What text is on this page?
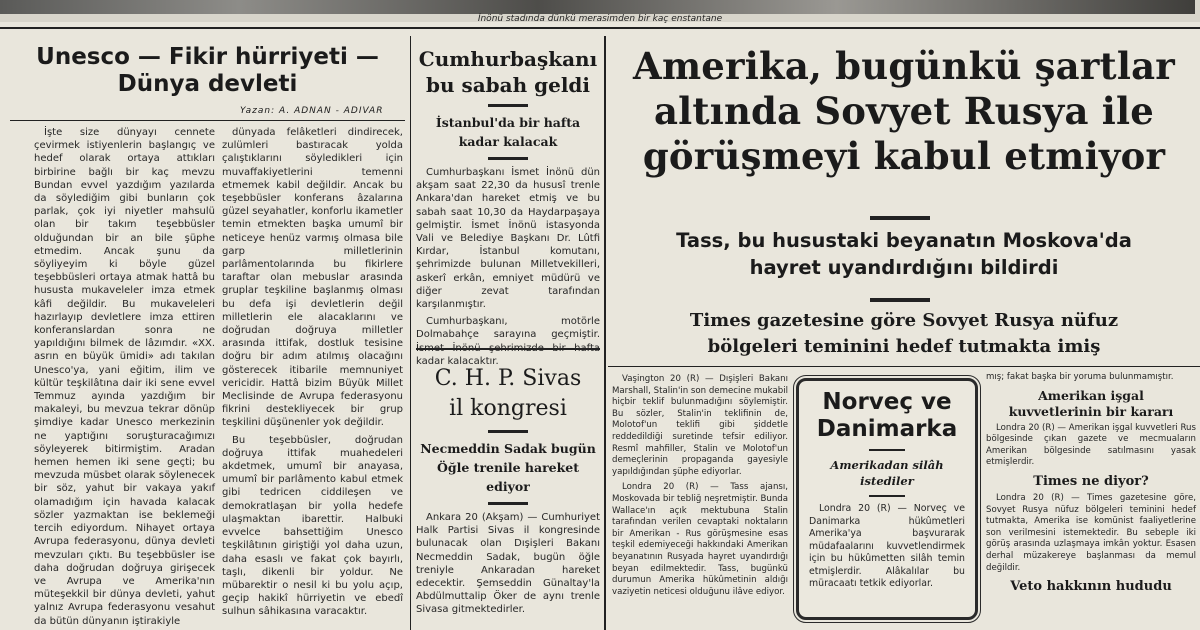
İnönü stadında dünkü merasimden bir kaç enstantane
Unesco — Fikir hürriyeti —
Dünya devleti
Yazan: A. ADNAN - ADIVAR

İşte size dünyayı cennete çevirmek istiyenlerin başlangıç ve hedef olarak ortaya attıkları birbirine bağlı bir kaç mevzu Bundan evvel yazdığım yazılarda da söylediğim gibi bunların çok parlak, çok iyi niyetler mahsulü olan bir takım teşebbüsler olduğundan bir an bile şüphe etmedim. Ancak şunu da söyliyeyim ki böyle güzel teşebbüsleri ortaya atmak hattâ bu hususta mukaveleler imza etmek kâfi değildir. Bu mukaveleleri hazırlayıp devletlere imza ettiren konferanslardan sonra ne yapıldığını bilmek de lâzımdır. «XX. asrın en büyük ümidi» adı takılan Unesco'ya, yani eğitim, ilim ve kültür teşkilâtına dair iki sene evvel Temmuz ayında yazdığım bir makaleyi, bu mevzua tekrar dönüp şimdiye kadar Unesco merkezinin ne yaptığını soruşturacağımızı söyleyerek bitirmiştim. Aradan hemen hemen iki sene geçti; bu mevzuda müsbet olarak söylenecek bir söz, yahut bir vakaya yakıf olamadığım için havada kalacak sözler yazmaktan ise beklemeği tercih ediyordum. Nihayet ortaya Avrupa federasyonu, dünya devleti mevzuları çıktı. Bu teşebbüsler ise daha doğrudan doğruya girişecek ve Avrupa ve Amerika'nın müteşekkil bir dünya devleti, yahut yalnız Avrupa federasyonu vesahut da bütün dünyanın iştirakiyle

dünyada felâketleri dindirecek, zulümleri bastıracak yolda çalıştıklarını söyledikleri için muvaffakiyetlerini temenni etmemek kabil değildir. Ancak bu teşebbüsler konferans âzalarına güzel seyahatler, konforlu ikametler temin etmekten başka umumî bir neticeye henüz varmış olmasa bile garp milletlerinin parlâmentolarında bu fikirlere taraftar olan mebuslar arasında gruplar teşkiline başlanmış olması bu defa işi devletlerin değil milletlerin ele alacaklarını ve doğrudan doğruya milletler arasında ittifak, dostluk tesisine doğru bir adım atılmış olacağını gösterecek itibarile memnuniyet vericidir. Hattâ bizim Büyük Millet Meclisinde de Avrupa federasyonu fikrini destekliyecek bir grup teşkilini düşünenler yok değildir.

Bu teşebbüsler, doğrudan doğruya ittifak muahedeleri akdetmek, umumî bir anayasa, umumî bir parlâmento kabul etmek gibi tedricen ciddileşen ve demokratlaşan bir yolla hedefe ulaşmaktan ibarettir. Halbuki evvelce bahsettiğim Unesco teşkilâtının giriştiği yol daha uzun, daha esaslı ve fakat çok bayırlı, taşlı, dikenli bir yoldur. Ne mübarektir o nesil ki bu yolu açıp, geçip hakikî hürriyetin ve ebedî sulhun sâhikasına varacaktır.

Cumhurbaşkanı
bu sabah geldi
İstanbul'da bir hafta
kadar kalacak

Cumhurbaşkanı İsmet İnönü dün akşam saat 22,30 da hususî trenle Ankara'dan hareket etmiş ve bu sabah saat 10,30 da Haydarpaşaya gelmiştir. İsmet İnönü istasyonda Vali ve Belediye Başkanı Dr. Lûtfi Kırdar, İstanbul komutanı, şehrimizde bulunan Milletvekilleri, askerî erkân, emniyet müdürü ve diğer zevat tarafından karşılanmıştır.

Cumhurbaşkanı, motörle Dolmabahçe sarayına geçmiştir. İsmet İnönü şehrimizde bir hafta kadar kalacaktır.

C. H. P. Sivas
il kongresi
Necmeddin Sadak bugün
Öğle trenile hareket
ediyor

Ankara 20 (Akşam) — Cumhuriyet Halk Partisi Sivas il kongresinde bulunacak olan Dışişleri Bakanı Necmeddin Sadak, bugün öğle treniyle Ankaradan hareket edecektir. Şemseddin Günaltay'la Abdülmuttalip Öker de aynı trenle Sivasa gitmektedirler.

Amerika, bugünkü şartlar
altında Sovyet Rusya ile
görüşmeyi kabul etmiyor
Tass, bu husustaki beyanatın Moskova'da
hayret uyandırdığını bildirdi
Times gazetesine göre Sovyet Rusya nüfuz
bölgeleri teminini hedef tutmakta imiş

Vaşington 20 (R) — Dışişleri Bakanı Marshall, Stalin'in son demecine mukabil hiçbir teklif bulunmadığını söylemiştir. Bu sözler, Stalin'in teklifinin de, Molotof'un teklifi gibi şiddetle reddedildiği suretinde tefsir ediliyor. Resmî mahfiller, Stalin ve Molotof'un demeçlerinin propaganda gayesiyle yapıldığından şüphe ediyorlar.

Londra 20 (R) — Tass ajansı, Moskovada bir tebliğ neşretmiştir. Bunda Wallace'ın açık mektubuna Stalin tarafından verilen cevaptaki noktaların bir Amerikan - Rus görüşmesine esas teşkil edemiyeceği hakkındaki Amerikan beyanatının Rusyada hayret uyandırdığı beyan edilmektedir. Tass, bugünkü durumun Amerika hükûmetinin aldığı vaziyetin neticesi olduğunu ilâve ediyor.

Norveç ve
Danimarka
Amerikadan silâh
istediler

Londra 20 (R) — Norveç ve Danimarka hükûmetleri Amerika'ya başvurarak müdafaalarını kuvvetlendirmek için bu hükûmetten silâh temin etmişlerdir. Alâkalılar bu müracaatı tetkik ediyorlar.

mış; fakat başka bir yoruma bulunmamıştır.

Amerikan işgal
kuvvetlerinin bir kararı

Londra 20 (R) — Amerikan işgal kuvvetleri Rus bölgesinde çıkan gazete ve mecmuaların Amerikan bölgesinde satılmasını yasak etmişlerdir.

Times ne diyor?

Londra 20 (R) — Times gazetesine göre, Sovyet Rusya nüfuz bölgeleri teminini hedef tutmakta, Amerika ise komünist faaliyetlerine son verilmesini istemektedir. Bu sebeple iki görüş arasında uzlaşmaya imkân yoktur. Esasen derhal müzakereye başlanması da memul değildir.

Veto hakkının hududu
